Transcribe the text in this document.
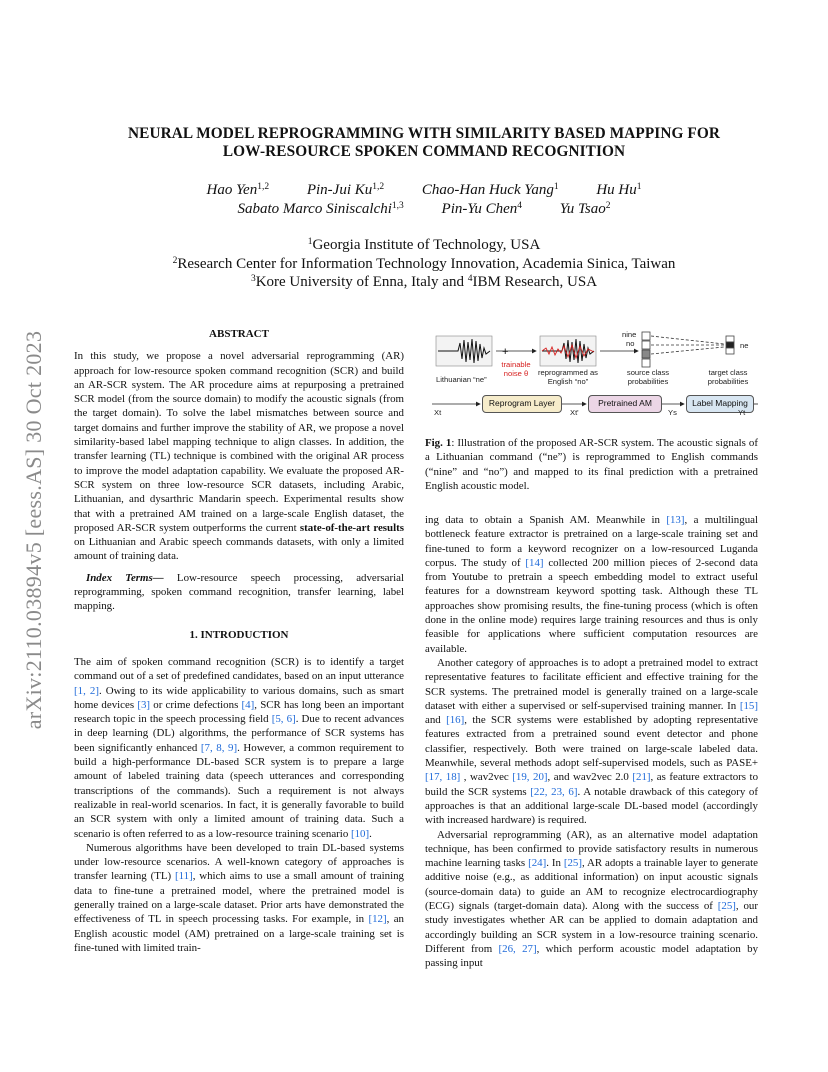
arXiv:2110.03894v5 [eess.AS] 30 Oct 2023
NEURAL MODEL REPROGRAMMING WITH SIMILARITY BASED MAPPING FOR
LOW-RESOURCE SPOKEN COMMAND RECOGNITION
Hao Yen$^{1,2}$	Pin-Jui Ku$^{1,2}$	Chao-Han Huck Yang$^1$	Hu Hu$^1$
Sabato Marco Siniscalchi$^{1,3}$	Pin-Yu Chen$^4$	Yu Tsao$^2$
$^1$Georgia Institute of Technology, USA
$^2$Research Center for Information Technology Innovation, Academia Sinica, Taiwan
$^3$Kore University of Enna, Italy and $^4$IBM Research, USA
ABSTRACT

In this study, we propose a novel adversarial reprogramming (AR) approach for low-resource spoken command recognition (SCR) and build an AR-SCR system. The AR procedure aims at repurposing a pretrained SCR model (from the source domain) to modify the acoustic signals (from the target domain). To solve the label mismatches between source and target domains and further improve the stability of AR, we propose a novel similarity-based label mapping technique to align classes. In addition, the transfer learning (TL) technique is combined with the original AR process to improve the model adaptation capability. We evaluate the proposed AR-SCR system on three low-resource SCR datasets, including Arabic, Lithuanian, and dysarthric Mandarin speech. Experimental results show that with a pretrained AM trained on a large-scale English dataset, the proposed AR-SCR system outperforms the current state-of-the-art results on Lithuanian and Arabic speech commands datasets, with only a limited amount of training data.

Index Terms— Low-resource speech processing, adversarial reprogramming, spoken command recognition, transfer learning, label mapping.

1. INTRODUCTION

The aim of spoken command recognition (SCR) is to identify a target command out of a set of predefined candidates, based on an input utterance [1, 2]. Owing to its wide applicability to various domains, such as smart home devices [3] or crime defections [4], SCR has long been an important research topic in the speech processing field [5, 6]. Due to recent advances in deep learning (DL) algorithms, the performance of SCR systems has been significantly enhanced [7, 8, 9]. However, a common requirement to build a high-performance DL-based SCR system is to prepare a large amount of labeled training data (speech utterances and corresponding transcriptions of the commands). Such a requirement is not always realizable in real-world scenarios. In fact, it is generally favorable to build an SCR system with only a limited amount of training data. Such a scenario is often referred to as a low-resource training scenario [10].

Numerous algorithms have been developed to train DL-based systems under low-resource scenarios. A well-known category of approaches is transfer learning (TL) [11], which aims to use a small amount of training data to fine-tune a pretrained model, where the pretrained model is generally trained on a large-scale dataset. Prior arts have demonstrated the effectiveness of TL in speech processing tasks. For example, in [12], an English acoustic model (AM) pretrained on a large-scale training set is fine-tuned with limited train-

+
Lithuanian “ne”
trainable noise θ	reprogrammed as English “no”
source class probabilities
target class probabilities
nine
no	ne
Reprogram Layer	Pretrained AM	Label Mapping
Xt	Xt'	Ys	Yt

Fig. 1: Illustration of the proposed AR-SCR system. The acoustic signals of a Lithuanian command (“ne”) is reprogrammed to English commands (“nine” and “no”) and mapped to its final prediction with a pretrained English acoustic model.

ing data to obtain a Spanish AM. Meanwhile in [13], a multilingual bottleneck feature extractor is pretrained on a large-scale training set and fine-tuned to form a keyword recognizer on a low-resourced Luganda corpus. The study of [14] collected 200 million pieces of 2-second data from Youtube to pretrain a speech embedding model to extract useful features for a downstream keyword spotting task. Although these TL approaches show promising results, the fine-tuning process (which is often done in the online mode) requires large training resources and thus is only feasible for applications where sufficient computation resources are available.

Another category of approaches is to adopt a pretrained model to extract representative features to facilitate efficient and effective training for the SCR systems. The pretrained model is generally trained on a large-scale dataset with either a supervised or self-supervised training manner. In [15] and [16], the SCR systems were established by adopting representative features extracted from a pretrained sound event detector and phone classifier, respectively. Both were trained on large-scale labeled data. Meanwhile, several methods adopt self-supervised models, such as PASE+ [17, 18] , wav2vec [19, 20], and wav2vec 2.0 [21], as feature extractors to build the SCR systems [22, 23, 6]. A notable drawback of this category of approaches is that an additional large-scale DL-based model (accordingly with increased hardware) is required.

Adversarial reprogramming (AR), as an alternative model adaptation technique, has been confirmed to provide satisfactory results in numerous machine learning tasks [24]. In [25], AR adopts a trainable layer to generate additive noise (e.g., as additional information) on input acoustic signals (source-domain data) to guide an AM to recognize electrocardiography (ECG) signals (target-domain data). Along with the success of [25], our study investigates whether AR can be applied to domain adaptation and accordingly building an SCR system in a low-resource training scenario. Different from [26, 27], which perform acoustic model adaptation by passing input
